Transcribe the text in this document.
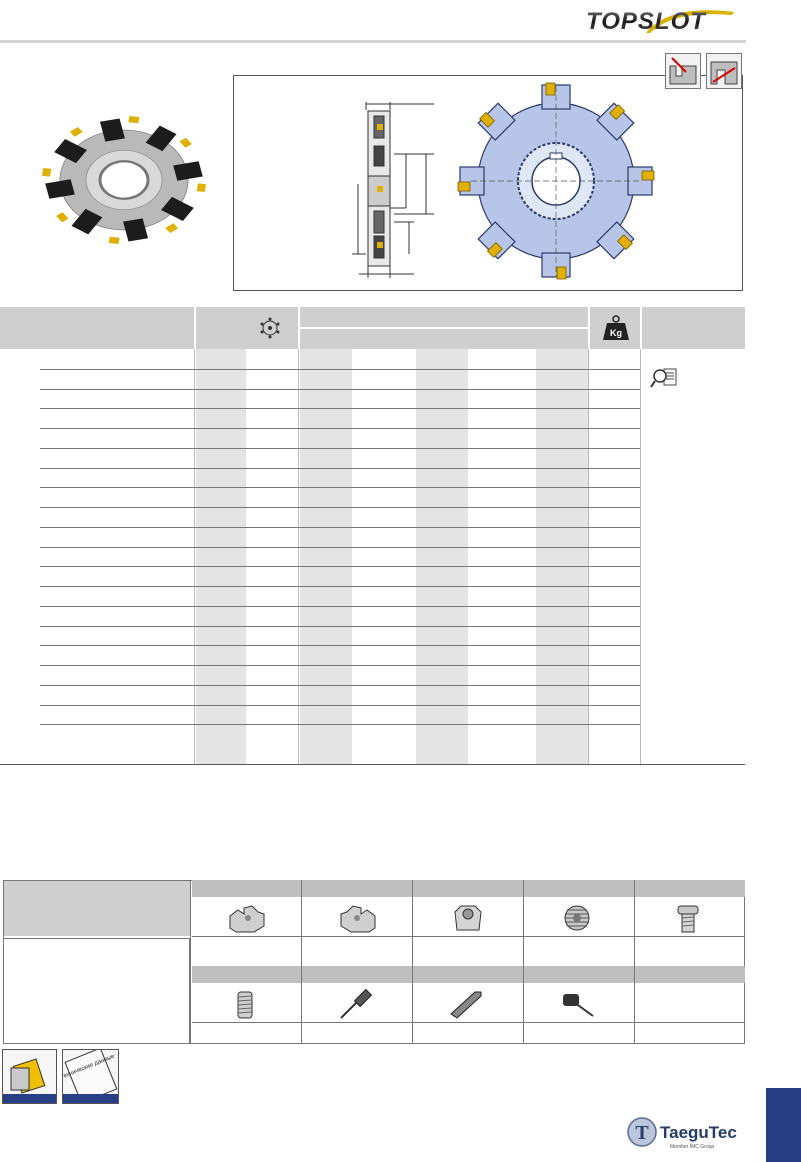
TOPSLOT
Kg
Технические данные
T TaeguTec
Member IMC Group
